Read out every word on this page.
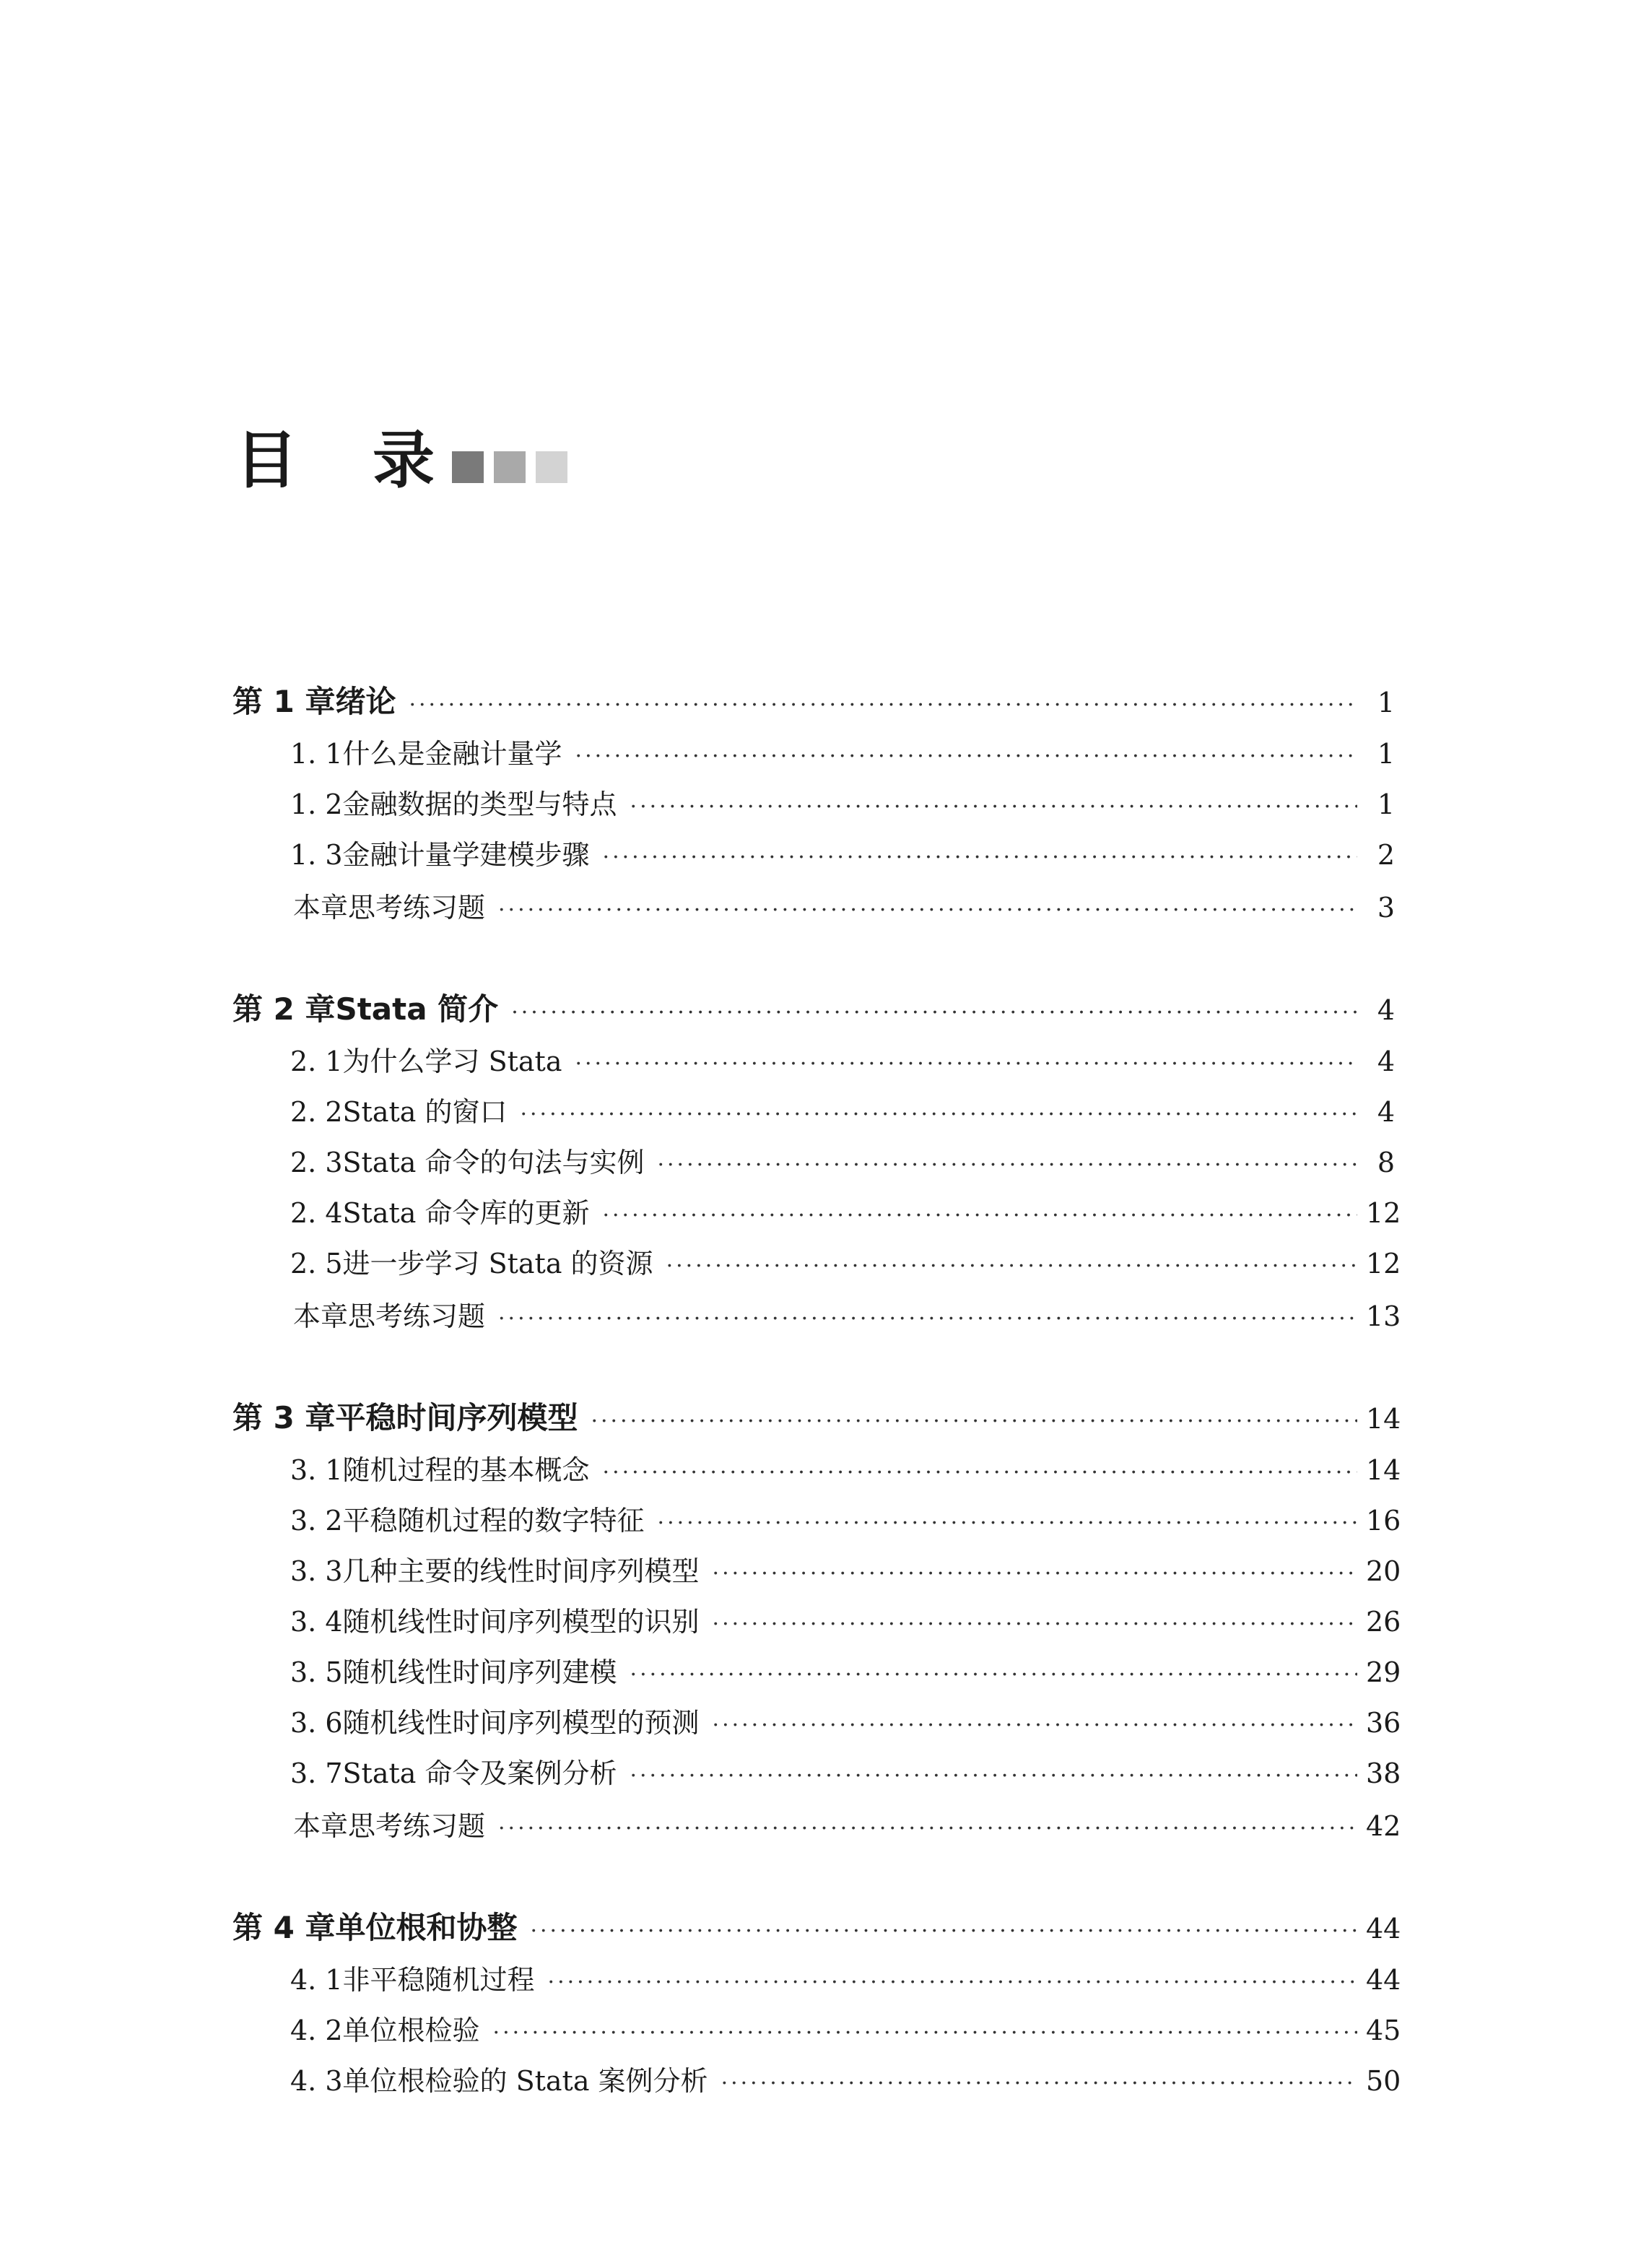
目	录
第 1 章 绪论 ·····	1
1. 1 什么是金融计量学 ·····	1
1. 2 金融数据的类型与特点 ·····	1
1. 3 金融计量学建模步骤 ·····	2
本章思考练习题 ·····	3
第 2 章 Stata 简介 ·····	4
2. 1 为什么学习 Stata ·····	4
2. 2 Stata 的窗口 ·····	4
2. 3 Stata 命令的句法与实例 ·····	8
2. 4 Stata 命令库的更新 ·····	12
2. 5 进一步学习 Stata 的资源 ·····	12
本章思考练习题 ·····	13
第 3 章 平稳时间序列模型 ·····	14
3. 1 随机过程的基本概念 ·····	14
3. 2 平稳随机过程的数字特征 ·····	16
3. 3 几种主要的线性时间序列模型 ·····	20
3. 4 随机线性时间序列模型的识别 ·····	26
3. 5 随机线性时间序列建模 ·····	29
3. 6 随机线性时间序列模型的预测 ·····	36
3. 7 Stata 命令及案例分析 ·····	38
本章思考练习题 ·····	42
第 4 章 单位根和协整 ·····	44
4. 1 非平稳随机过程 ·····	44
4. 2 单位根检验 ·····	45
4. 3 单位根检验的 Stata 案例分析 ·····	50
